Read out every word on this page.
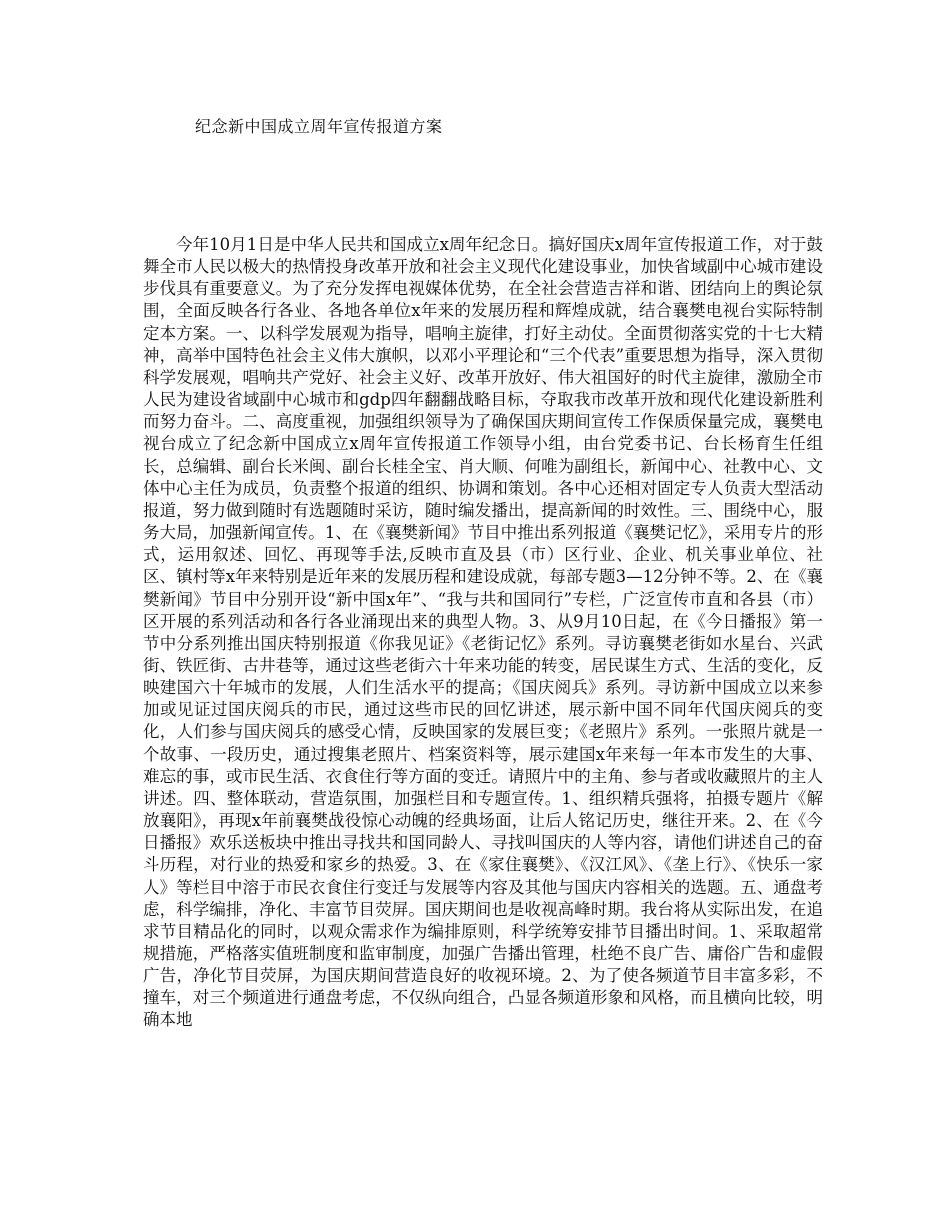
纪念新中国成立周年宣传报道方案

今年10月1日是中华人民共和国成立x周年纪念日。搞好国庆x周年宣传报道工作，对于鼓舞全市人民以极大的热情投身改革开放和社会主义现代化建设事业，加快省域副中心城市建设步伐具有重要意义。为了充分发挥电视媒体优势，在全社会营造吉祥和谐、团结向上的舆论氛围，全面反映各行各业、各地各单位x年来的发展历程和辉煌成就，结合襄樊电视台实际特制定本方案。一、以科学发展观为指导，唱响主旋律，打好主动仗。全面贯彻落实党的十七大精神，高举中国特色社会主义伟大旗帜，以邓小平理论和“三个代表”重要思想为指导，深入贯彻科学发展观，唱响共产党好、社会主义好、改革开放好、伟大祖国好的时代主旋律，激励全市人民为建设省域副中心城市和gdp四年翻翻战略目标，夺取我市改革开放和现代化建设新胜利而努力奋斗。二、高度重视，加强组织领导为了确保国庆期间宣传工作保质保量完成，襄樊电视台成立了纪念新中国成立x周年宣传报道工作领导小组，由台党委书记、台长杨育生任组长，总编辑、副台长米闽、副台长桂全宝、肖大顺、何唯为副组长，新闻中心、社教中心、文体中心主任为成员，负责整个报道的组织、协调和策划。各中心还相对固定专人负责大型活动报道，努力做到随时有选题随时采访，随时编发播出，提高新闻的时效性。三、围绕中心，服务大局，加强新闻宣传。1、在《襄樊新闻》节目中推出系列报道《襄樊记忆》，采用专片的形式，运用叙述、回忆、再现等手法,反映市直及县（市）区行业、企业、机关事业单位、社区、镇村等x年来特别是近年来的发展历程和建设成就，每部专题3—12分钟不等。2、在《襄樊新闻》节目中分别开设“新中国x年”、“我与共和国同行”专栏，广泛宣传市直和各县（市）区开展的系列活动和各行各业涌现出来的典型人物。3、从9月10日起，在《今日播报》第一节中分系列推出国庆特别报道《你我见证》《老街记忆》系列。寻访襄樊老街如水星台、兴武街、铁匠街、古井巷等，通过这些老街六十年来功能的转变，居民谋生方式、生活的变化，反映建国六十年城市的发展，人们生活水平的提高；《国庆阅兵》系列。寻访新中国成立以来参加或见证过国庆阅兵的市民，通过这些市民的回忆讲述，展示新中国不同年代国庆阅兵的变化，人们参与国庆阅兵的感受心情，反映国家的发展巨变；《老照片》系列。一张照片就是一个故事、一段历史，通过搜集老照片、档案资料等，展示建国x年来每一年本市发生的大事、难忘的事，或市民生活、衣食住行等方面的变迁。请照片中的主角、参与者或收藏照片的主人讲述。四、整体联动，营造氛围，加强栏目和专题宣传。1、组织精兵强将，拍摄专题片《解放襄阳》，再现x年前襄樊战役惊心动魄的经典场面，让后人铭记历史，继往开来。2、在《今日播报》欢乐送板块中推出寻找共和国同龄人、寻找叫国庆的人等内容，请他们讲述自己的奋斗历程，对行业的热爱和家乡的热爱。3、在《家住襄樊》、《汉江风》、《垄上行》、《快乐一家人》等栏目中溶于市民衣食住行变迁与发展等内容及其他与国庆内容相关的选题。五、通盘考虑，科学编排，净化、丰富节目荧屏。国庆期间也是收视高峰时期。我台将从实际出发，在追求节目精品化的同时，以观众需求作为编排原则，科学统筹安排节目播出时间。1、采取超常规措施，严格落实值班制度和监审制度，加强广告播出管理，杜绝不良广告、庸俗广告和虚假广告，净化节目荧屏，为国庆期间营造良好的收视环境。2、为了使各频道节目丰富多彩，不撞车，对三个频道进行通盘考虑，不仅纵向组合，凸显各频道形象和风格，而且横向比较，明确本地
